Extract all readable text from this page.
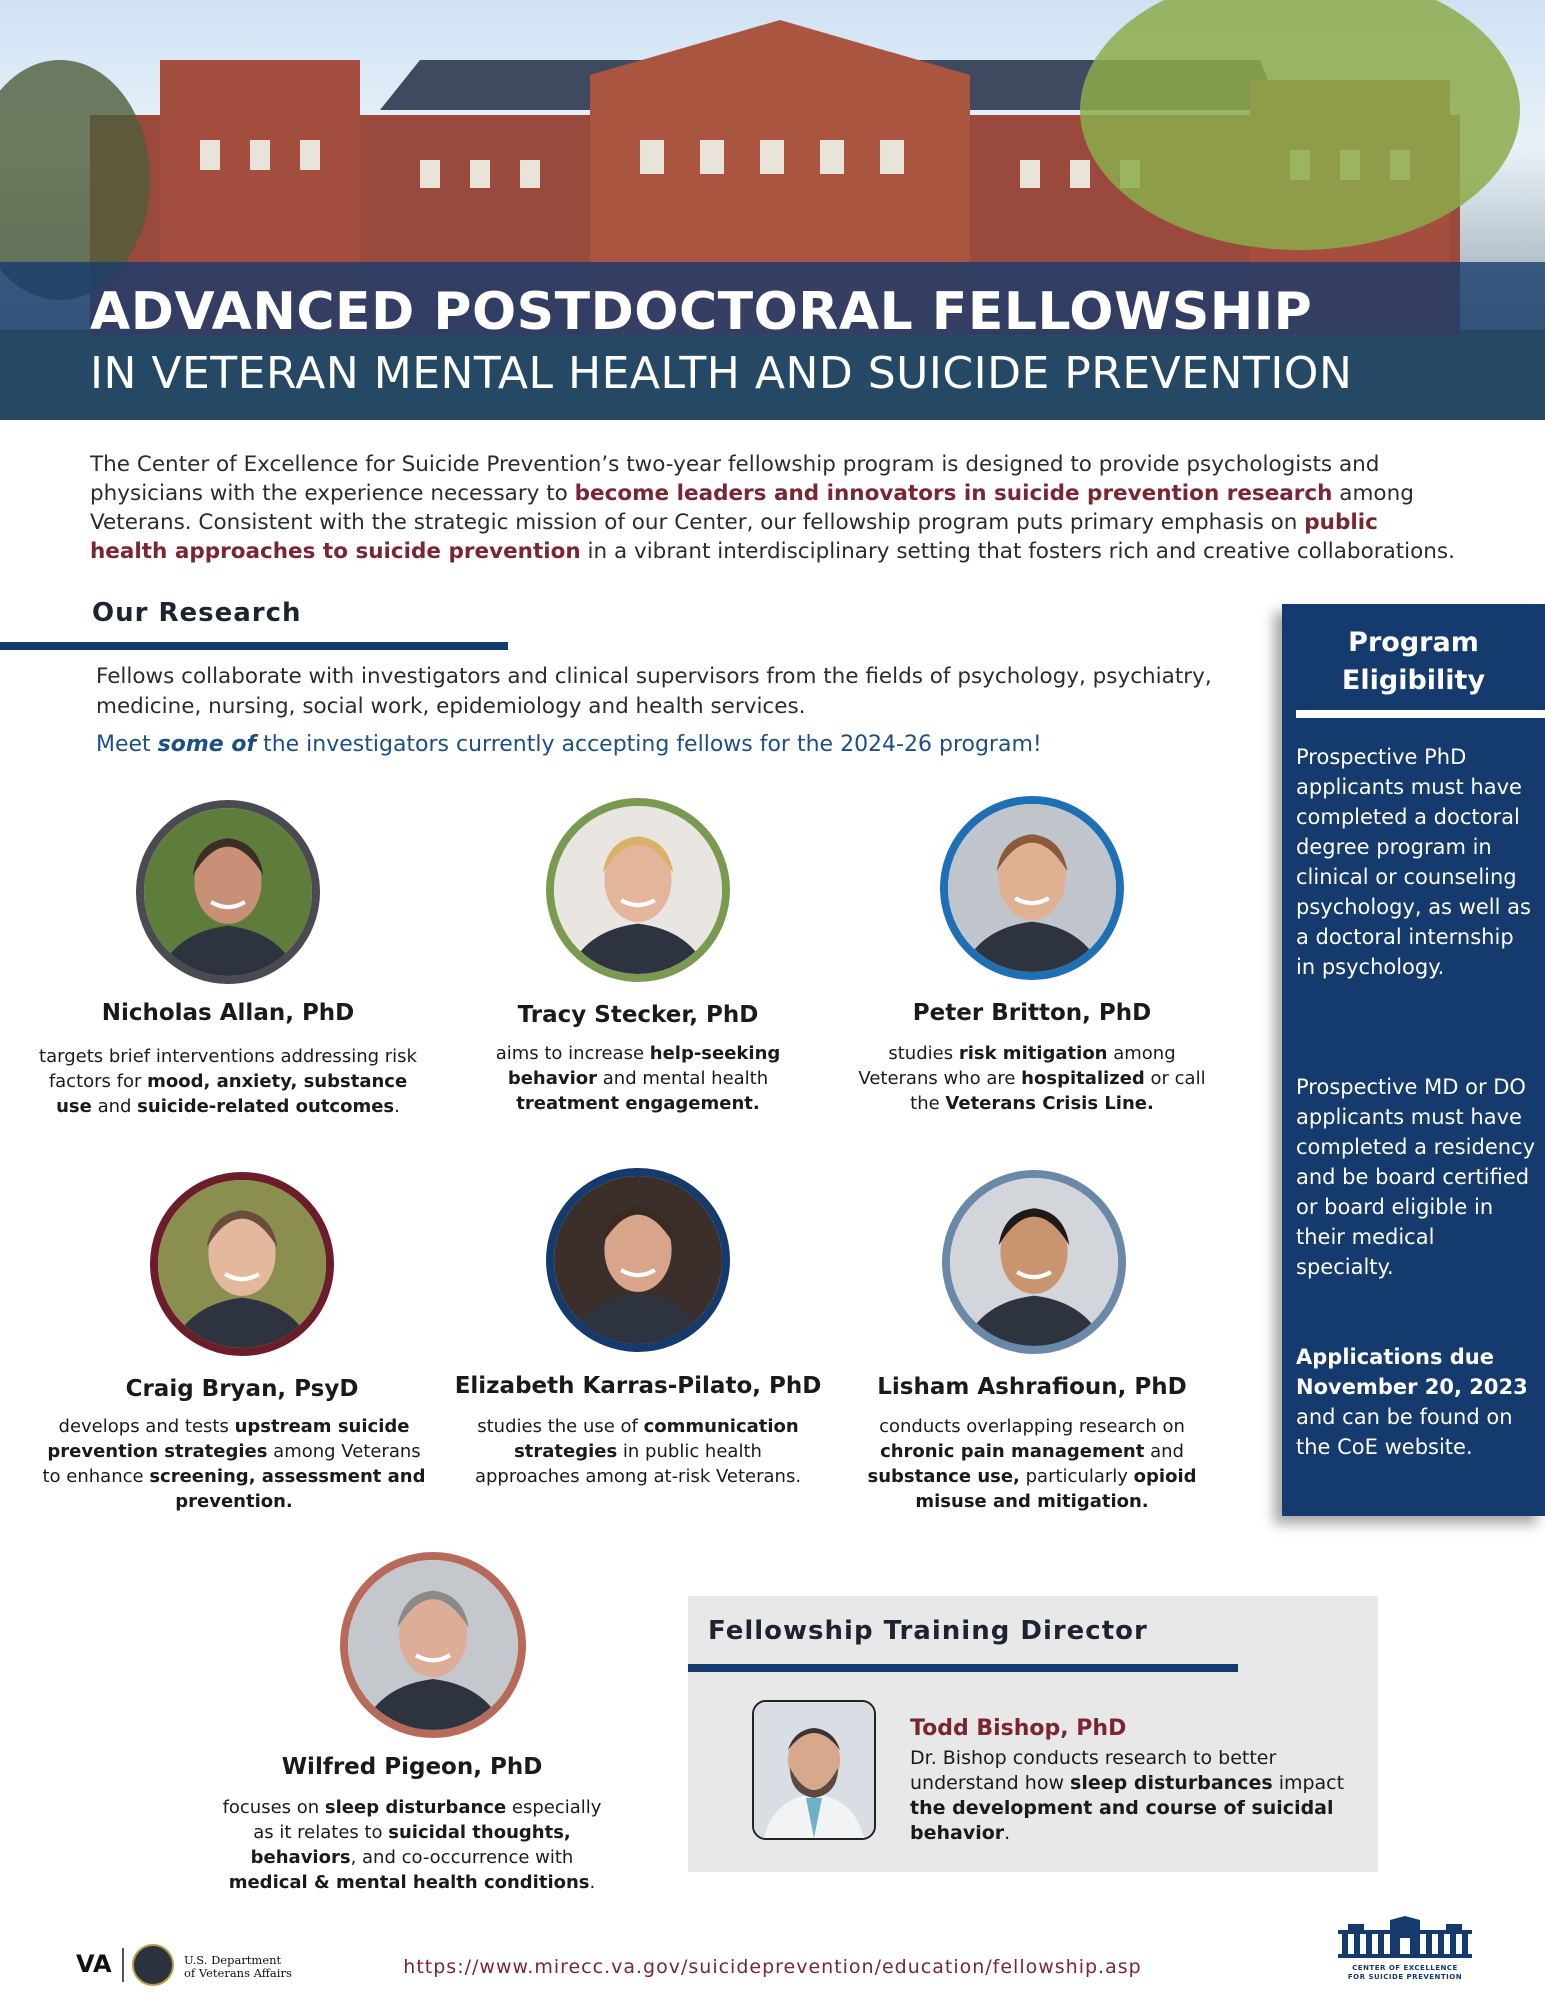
ADVANCED POSTDOCTORAL FELLOWSHIP
IN VETERAN MENTAL HEALTH AND SUICIDE PREVENTION
The Center of Excellence for Suicide Prevention’s two-year fellowship program is designed to provide psychologists and physicians with the experience necessary to become leaders and innovators in suicide prevention research among Veterans. Consistent with the strategic mission of our Center, our fellowship program puts primary emphasis on public health approaches to suicide prevention in a vibrant interdisciplinary setting that fosters rich and creative collaborations.
Our Research
Fellows collaborate with investigators and clinical supervisors from the fields of psychology, psychiatry, medicine, nursing, social work, epidemiology and health services.
Meet some of the investigators currently accepting fellows for the 2024-26 program!
Nicholas Allan, PhD
targets brief interventions addressing risk factors for mood, anxiety, substance use and suicide-related outcomes.
Tracy Stecker, PhD
aims to increase help-seeking behavior and mental health treatment engagement.
Peter Britton, PhD
studies risk mitigation among Veterans who are hospitalized or call the Veterans Crisis Line.
Craig Bryan, PsyD
develops and tests upstream suicide prevention strategies among Veterans to enhance screening, assessment and prevention.
Elizabeth Karras-Pilato, PhD
studies the use of communication strategies in public health approaches among at-risk Veterans.
Lisham Ashrafioun, PhD
conducts overlapping research on chronic pain management and substance use, particularly opioid misuse and mitigation.
Wilfred Pigeon, PhD
focuses on sleep disturbance especially as it relates to suicidal thoughts, behaviors, and co-occurrence with medical & mental health conditions.
Program Eligibility
Prospective PhD applicants must have completed a doctoral degree program in clinical or counseling psychology, as well as a doctoral internship in psychology.
Prospective MD or DO applicants must have completed a residency and be board certified or board eligible in their medical specialty.
Applications due November 20, 2023 and can be found on the CoE website.
Fellowship Training Director
Todd Bishop, PhD
Dr. Bishop conducts research to better understand how sleep disturbances impact the development and course of suicidal behavior.
VA	U.S. Department
of Veterans Affairs	https://www.mirecc.va.gov/suicideprevention/education/fellowship.asp	CENTER OF EXCELLENCE
FOR SUICIDE PREVENTION
